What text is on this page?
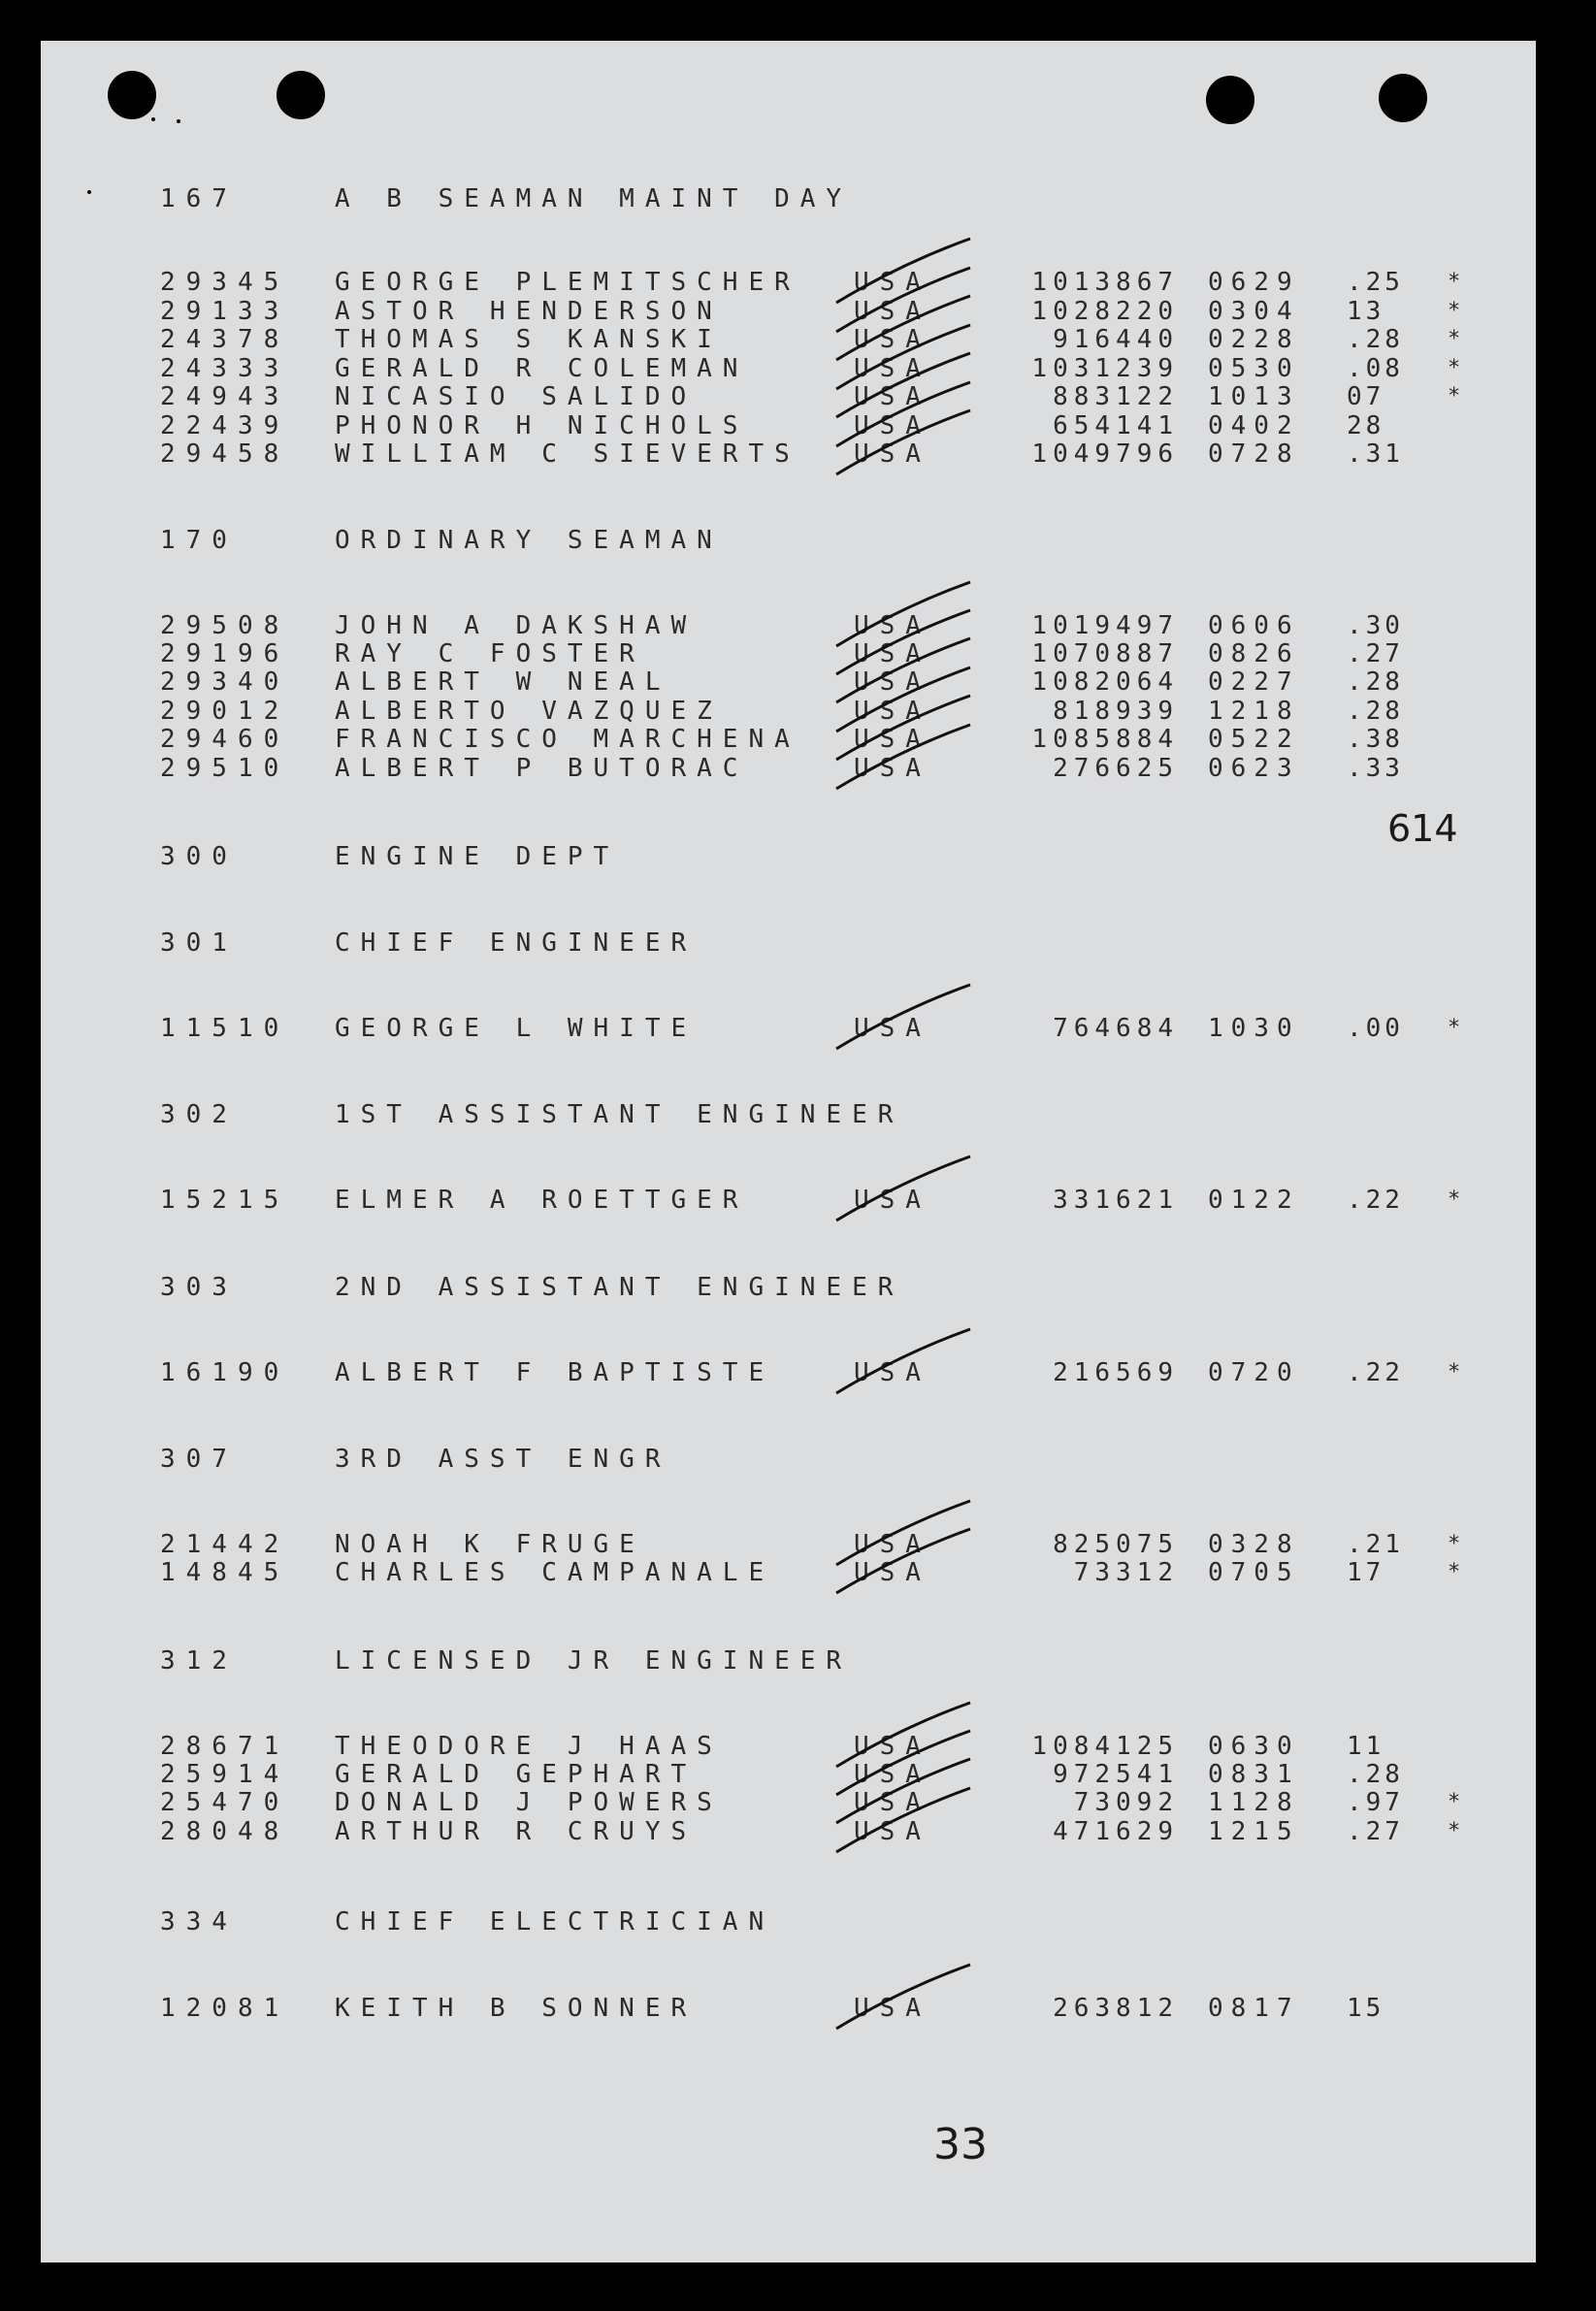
167	A B SEAMAN MAINT DAY
29345 GEORGE PLEMITSCHER USA	1013867 0629 .25 *
29133 ASTOR HENDERSON	USA	1028220 0304 13	*
24378 THOMAS S KANSKI	USA	916440 0228 .28 *
24333 GERALD R COLEMAN	USA	1031239 0530 .08 *
24943 NICASIO SALIDO	USA	883122 1013 07	*
22439 PHONOR H NICHOLS	USA	654141 0402 28
29458 WILLIAM C SIEVERTS USA	1049796 0728 .31
170	ORDINARY SEAMAN
29508 JOHN A DAKSHAW	USA	1019497 0606 .30
29196 RAY C FOSTER	USA	1070887 0826 .27
29340 ALBERT W NEAL	USA	1082064 0227 .28
29012 ALBERTO VAZQUEZ	USA	818939 1218 .28
29460 FRANCISCO MARCHENA USA	1085884 0522 .38
29510 ALBERT P BUTORAC	USA	276625 0623 .33
300	ENGINE DEPT
301	CHIEF ENGINEER
11510 GEORGE L WHITE	USA	764684 1030 .00 *
302	1ST ASSISTANT ENGINEER
15215 ELMER A ROETTGER	USA	331621 0122 .22 *
303	2ND ASSISTANT ENGINEER
16190 ALBERT F BAPTISTE	USA	216569 0720 .22 *
307	3RD ASST ENGR
21442 NOAH K FRUGE	USA	825075 0328 .21 *
14845 CHARLES CAMPANALE	USA	73312 0705 17	*
312	LICENSED JR ENGINEER
28671 THEODORE J HAAS	USA	1084125 0630 11
25914 GERALD GEPHART	USA	972541 0831 .28
25470 DONALD J POWERS	USA	73092 1128 .97 *
28048 ARTHUR R CRUYS	USA	471629 1215 .27 *
334	CHIEF ELECTRICIAN
12081 KEITH B SONNER	USA	263812 0817 15
614
33
